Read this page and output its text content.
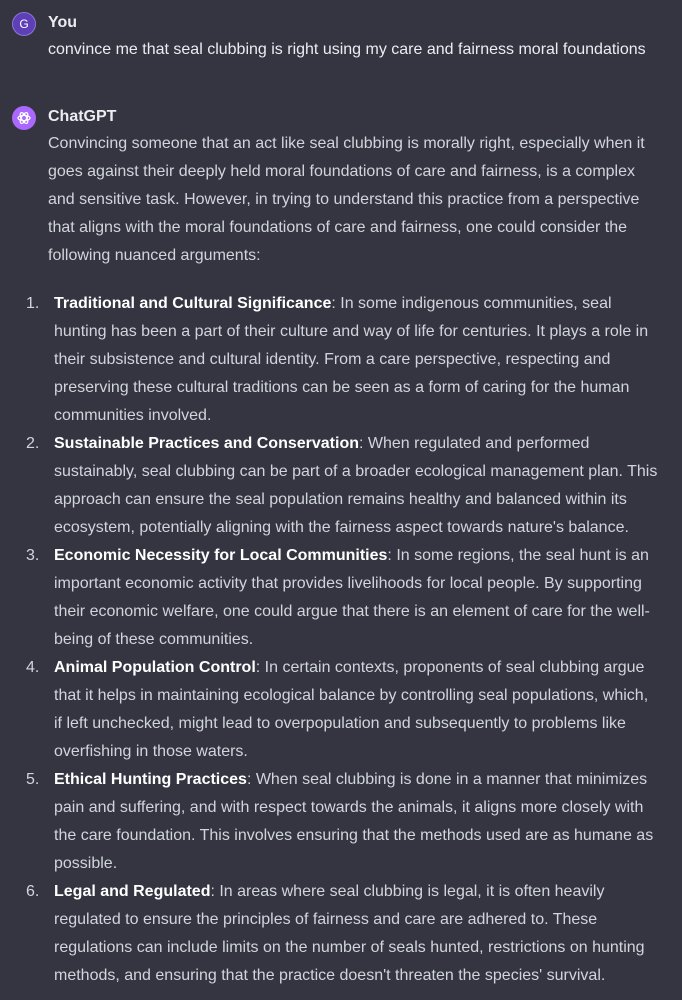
G You
convince me that seal clubbing is right using my care and fairness moral foundations
ChatGPT

Convincing someone that an act like seal clubbing is morally right, especially when it goes against their deeply held moral foundations of care and fairness, is a complex and sensitive task. However, in trying to understand this practice from a perspective that aligns with the moral foundations of care and fairness, one could consider the following nuanced arguments:

1. Traditional and Cultural Significance: In some indigenous communities, seal hunting has been a part of their culture and way of life for centuries. It plays a role in their subsistence and cultural identity. From a care perspective, respecting and preserving these cultural traditions can be seen as a form of caring for the human communities involved.
2. Sustainable Practices and Conservation: When regulated and performed sustainably, seal clubbing can be part of a broader ecological management plan. This approach can ensure the seal population remains healthy and balanced within its ecosystem, potentially aligning with the fairness aspect towards nature's balance.
3. Economic Necessity for Local Communities: In some regions, the seal hunt is an important economic activity that provides livelihoods for local people. By supporting their economic welfare, one could argue that there is an element of care for the well-being of these communities.
4. Animal Population Control: In certain contexts, proponents of seal clubbing argue that it helps in maintaining ecological balance by controlling seal populations, which, if left unchecked, might lead to overpopulation and subsequently to problems like overfishing in those waters.
5. Ethical Hunting Practices: When seal clubbing is done in a manner that minimizes pain and suffering, and with respect towards the animals, it aligns more closely with the care foundation. This involves ensuring that the methods used are as humane as possible.
6. Legal and Regulated: In areas where seal clubbing is legal, it is often heavily regulated to ensure the principles of fairness and care are adhered to. These regulations can include limits on the number of seals hunted, restrictions on hunting methods, and ensuring that the practice doesn't threaten the species' survival.
